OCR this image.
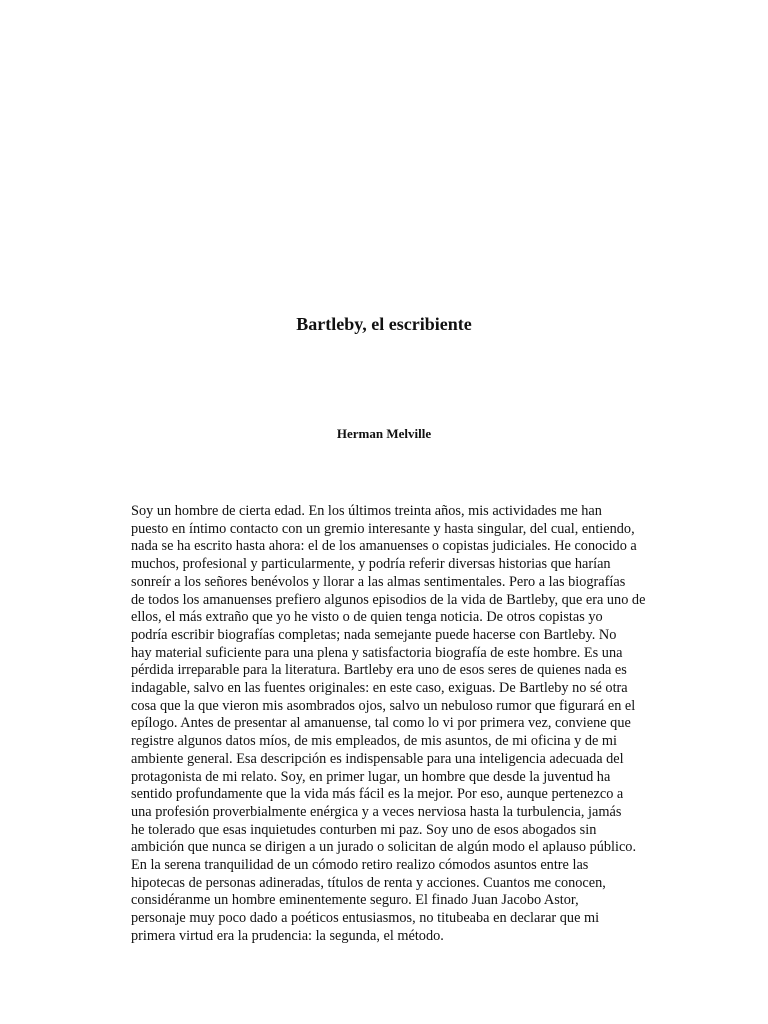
Bartleby, el escribiente
Herman Melville
Soy un hombre de cierta edad. En los últimos treinta años, mis actividades me han
puesto en íntimo contacto con un gremio interesante y hasta singular, del cual, entiendo,
nada se ha escrito hasta ahora: el de los amanuenses o copistas judiciales. He conocido a
muchos, profesional y particularmente, y podría referir diversas historias que harían
sonreír a los señores benévolos y llorar a las almas sentimentales. Pero a las biografías
de todos los amanuenses prefiero algunos episodios de la vida de Bartleby, que era uno de
ellos, el más extraño que yo he visto o de quien tenga noticia. De otros copistas yo
podría escribir biografías completas; nada semejante puede hacerse con Bartleby. No
hay material suficiente para una plena y satisfactoria biografía de este hombre. Es una
pérdida irreparable para la literatura. Bartleby era uno de esos seres de quienes nada es
indagable, salvo en las fuentes originales: en este caso, exiguas. De Bartleby no sé otra
cosa que la que vieron mis asombrados ojos, salvo un nebuloso rumor que figurará en el
epílogo. Antes de presentar al amanuense, tal como lo vi por primera vez, conviene que
registre algunos datos míos, de mis empleados, de mis asuntos, de mi oficina y de mi
ambiente general. Esa descripción es indispensable para una inteligencia adecuada del
protagonista de mi relato. Soy, en primer lugar, un hombre que desde la juventud ha
sentido profundamente que la vida más fácil es la mejor. Por eso, aunque pertenezco a
una profesión proverbialmente enérgica y a veces nerviosa hasta la turbulencia, jamás
he tolerado que esas inquietudes conturben mi paz. Soy uno de esos abogados sin
ambición que nunca se dirigen a un jurado o solicitan de algún modo el aplauso público.
En la serena tranquilidad de un cómodo retiro realizo cómodos asuntos entre las
hipotecas de personas adineradas, títulos de renta y acciones. Cuantos me conocen,
considéranme un hombre eminentemente seguro. El finado Juan Jacobo Astor,
personaje muy poco dado a poéticos entusiasmos, no titubeaba en declarar que mi
primera virtud era la prudencia: la segunda, el método.
